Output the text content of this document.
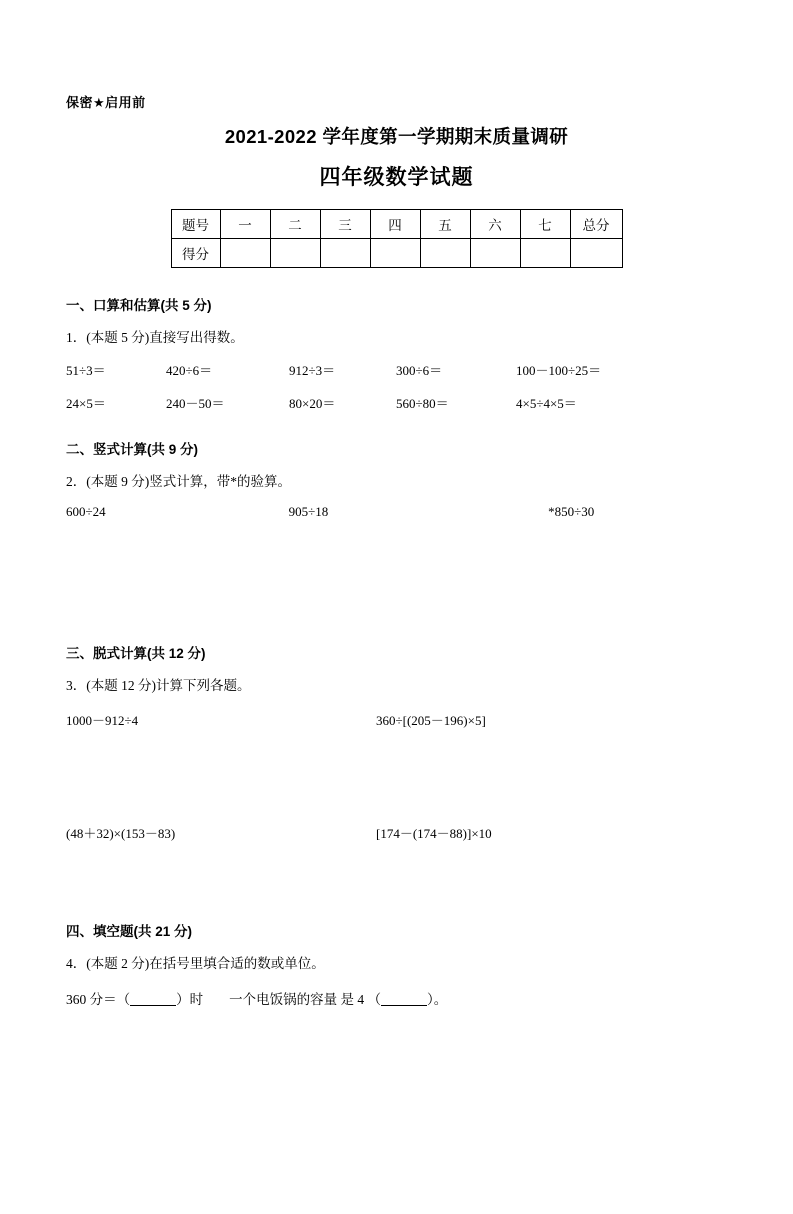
保密★启用前
2021-2022 学年度第一学期期末质量调研
四年级数学试题
题号	一	二	三	四	五	六	七	总分
得分								
一、口算和估算(共 5 分)
1．(本题 5 分)直接写出得数。
51÷3＝	420÷6＝	912÷3＝	300÷6＝	100－100÷25＝
24×5＝	240－50＝	80×20＝	560÷80＝	4×5÷4×5＝
二、竖式计算(共 9 分)
2．(本题 9 分)竖式计算，带*的验算。
600÷24	905÷18	*850÷30
三、脱式计算(共 12 分)
3．(本题 12 分)计算下列各题。
1000－912÷4	360÷[(205－196)×5]
(48＋32)×(153－83)	[174－(174－88)]×10
四、填空题(共 21 分)
4．(本题 2 分)在括号里填合适的数或单位。
360 分＝（	）时 一个电饭锅的容量 是 4 （	）。
